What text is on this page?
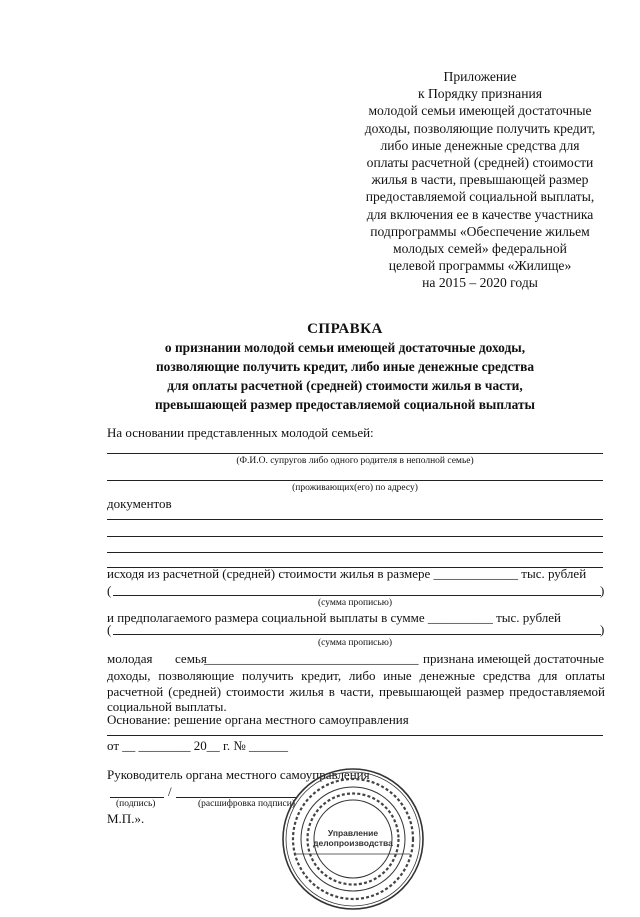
Приложение
к Порядку признания
молодой семьи имеющей достаточные
доходы, позволяющие получить кредит,
либо иные денежные средства для
оплаты расчетной (средней) стоимости
жилья в части, превышающей размер
предоставляемой социальной выплаты,
для включения ее в качестве участника
подпрограммы «Обеспечение жильем
молодых семей» федеральной
целевой программы «Жилище»
на 2015 – 2020 годы
СПРАВКА
о признании молодой семьи имеющей достаточные доходы,
позволяющие получить кредит, либо иные денежные средства
для оплаты расчетной (средней) стоимости жилья в части,
превышающей размер предоставляемой социальной выплаты
На основании представленных молодой семьей:
(Ф.И.О. супругов либо одного родителя в неполной семье)
(проживающих(его) по адресу)
документов
исходя из расчетной (средней) стоимости жилья в размере _____________ тыс. рублей
(	)
(сумма прописью)
и предполагаемого размера социальной выплаты в сумме __________ тыс. рублей
(	)
(сумма прописью)
молодая семья
_________________________________ признана имеющей достаточные
доходы, позволяющие получить кредит, либо иные денежные средства для оплаты расчетной (средней) стоимости жилья в части, превышающей размер предоставляемой социальной выплаты.
Основание: решение органа местного самоуправления
от __ ________ 20__ г. № ______
Руководитель органа местного самоуправления
/
(подпись)	(расшифровка подписи)
М.П.».
Управление
делопроизводства
